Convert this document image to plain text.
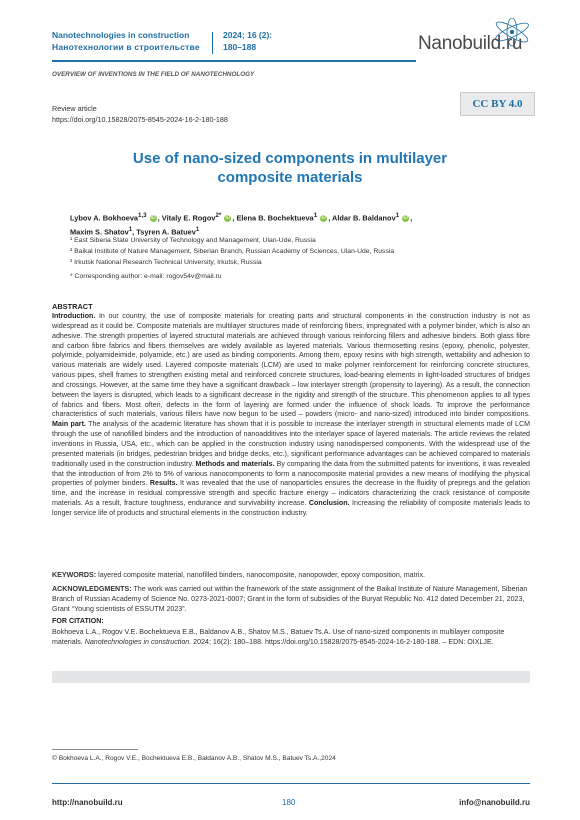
Nanotechnologies in construction
Нанотехнологии в строительстве
2024; 16 (2):
180–188	Nanobuild.ru
OVERVIEW OF INVENTIONS IN THE FIELD OF NANOTECHNOLOGY
Review article
https://doi.org/10.15828/2075-8545-2024-16-2-180-188
CC BY 4.0
Use of nano-sized components in multilayer
composite materials
Lybov A. Bokhoeva$^{1,3}$ iD , Vitaly E. Rogov$^{2*}$ iD , Elena B. Bochektueva$^1$ iD , Aldar B. Baldanov$^1$ iD ,
Maxim S. Shatov$^1$, Tsyren A. Batuev$^1$
¹ East Siberia State University of Technology and Management, Ulan-Ude, Russia
² Baikal Institute of Nature Management, Siberian Branch, Russian Academy of Sciences, Ulan-Ude, Russia
³ Irkutsk National Research Technical University, Irkutsk, Russia
* Corresponding author: e-mail: rogov54v@mail.ru
ABSTRACT
Introduction. In our country, the use of composite materials for creating parts and structural components in the construction industry is not as widespread as it could be. Composite materials are multilayer structures made of reinforcing fibers, impregnated with a polymer binder, which is also an adhesive. The strength properties of layered structural materials are achieved through various reinforcing fillers and adhesive binders. Both glass fibre and carbon fibre fabrics and fibers themselves are widely available as layered materials. Various thermosetting resins (epoxy, phenolic, polyester, polyimide, polyamideimide, polyamide, etc.) are used as binding components. Among them, epoxy resins with high strength, wettability and adhesion to various materials are widely used. Layered composite materials (LCM) are used to make polymer reinforcement for reinforcing concrete structures, various pipes, shell frames to strengthen existing metal and reinforced concrete structures, load-bearing elements in light-loaded structures of bridges and crossings. However, at the same time they have a significant drawback – low interlayer strength (propensity to layering). As a result, the connection between the layers is disrupted, which leads to a significant decrease in the rigidity and strength of the structure. This phenomenon applies to all types of fabrics and fibers. Most often, defects in the form of layering are formed under the influence of shock loads. To improve the performance characteristics of such materials, various fillers have now begun to be used – powders (micro- and nano-sized) introduced into binder compositions. Main part. The analysis of the academic literature has shown that it is possible to increase the interlayer strength in structural elements made of LCM through the use of nanofilled binders and the introduction of nanoadditives into the interlayer space of layered materials. The article reviews the related inventions in Russia, USA, etc., which can be applied in the construction industry using nanodispersed components. With the widespread use of the presented materials (in bridges, pedestrian bridges and bridge decks, etc.), significant performance advantages can be achieved compared to materials traditionally used in the construction industry. Methods and materials. By comparing the data from the submitted patents for inventions, it was revealed that the introduction of from 2% to 5% of various nanocomponents to form a nanocomposite material provides a new means of modifying the physical properties of polymer binders. Results. It was revealed that the use of nanoparticles ensures the decrease in the fluidity of prepregs and the gelation time, and the increase in residual compressive strength and specific fracture energy – indicators characterizing the crack resistance of composite materials. As a result, fracture toughness, endurance and survivability increase. Conclusion. Increasing the reliability of composite materials leads to longer service life of products and structural elements in the construction industry.
KEYWORDS: layered composite material, nanofilled binders, nanocomposite, nanopowder, epoxy composition, matrix.
ACKNOWLEDGMENTS: The work was carried out within the framework of the state assignment of the Baikal Institute of Nature Management, Siberian Branch of Russian Academy of Science No. 0273-2021-0007; Grant in the form of subsidies of the Buryat Republic No. 412 dated December 21, 2023, Grant “Young scientists of ESSUTM 2023”.
FOR CITATION:
Bokhoeva L.A., Rogov V.E. Bochektueva E.B., Baldanov A.B., Shatov M.S., Batuev Ts.A. Use of nano-sized components in multilayer composite materials. Nanotechnologies in construction. 2024; 16(2): 180–188. https://doi.org/10.15828/2075-8545-2024-16-2-180-188. – EDN: OIXLJE.
© Bokhoeva L.A., Rogov V.E., Bochektueva E.B., Baldanov A.B., Shatov M.S., Batuev Ts.A.,2024
http://nanobuild.ru	180	info@nanobuild.ru
